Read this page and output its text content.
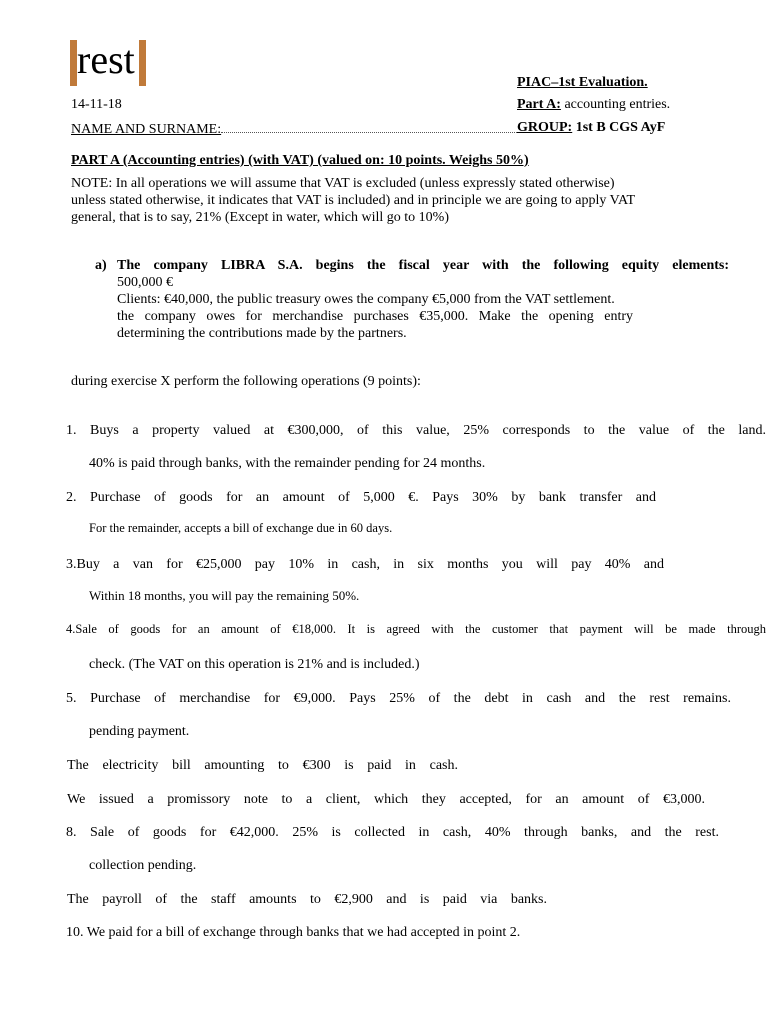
rest
PIAC–1st Evaluation.
14-11-18	Part A: accounting entries.
NAME AND SURNAME:	GROUP: 1st B CGS AyF
PART A (Accounting entries) (with VAT) (valued on: 10 points. Weighs 50%)
NOTE: In all operations we will assume that VAT is excluded (unless expressly stated otherwise)
unless stated otherwise, it indicates that VAT is included) and in principle we are going to apply VAT
general, that is to say, 21% (Except in water, which will go to 10%)
a) The company LIBRA S.A. begins the fiscal year with the following equity elements:
500,000 €
Clients: €40,000, the public treasury owes the company €5,000 from the VAT settlement.
the company owes for merchandise purchases €35,000. Make the opening entry
determining the contributions made by the partners.
during exercise X perform the following operations (9 points):
1. Buys a property valued at €300,000, of this value, 25% corresponds to the value of the land.
40% is paid through banks, with the remainder pending for 24 months.
2. Purchase of goods for an amount of 5,000 €. Pays 30% by bank transfer and
For the remainder, accepts a bill of exchange due in 60 days.
3.Buy a van for €25,000 pay 10% in cash, in six months you will pay 40% and
Within 18 months, you will pay the remaining 50%.
4.Sale of goods for an amount of €18,000. It is agreed with the customer that payment will be made through
check. (The VAT on this operation is 21% and is included.)
5. Purchase of merchandise for €9,000. Pays 25% of the debt in cash and the rest remains.
pending payment.
The electricity bill amounting to €300 is paid in cash.
We issued a promissory note to a client, which they accepted, for an amount of €3,000.
8. Sale of goods for €42,000. 25% is collected in cash, 40% through banks, and the rest.
collection pending.
The payroll of the staff amounts to €2,900 and is paid via banks.
10. We paid for a bill of exchange through banks that we had accepted in point 2.
